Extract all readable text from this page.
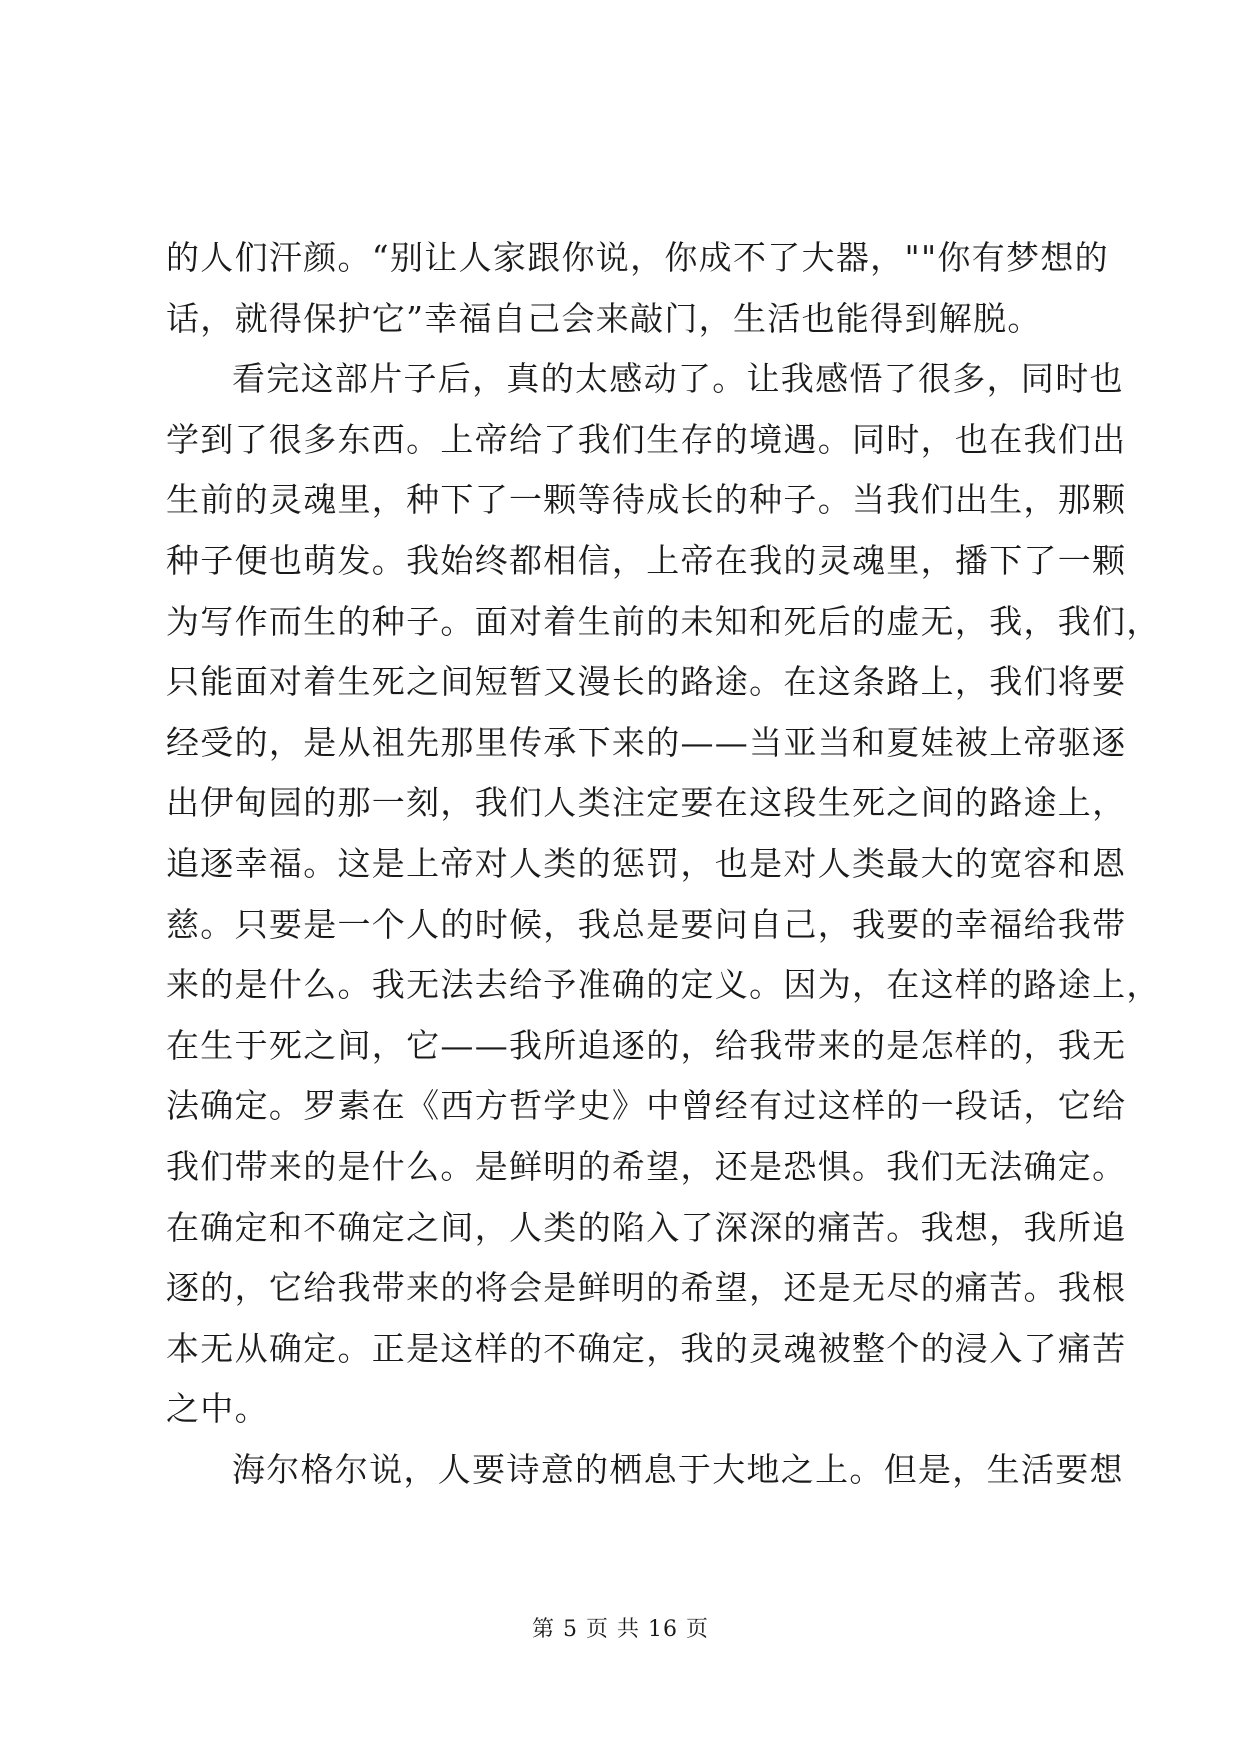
的人们汗颜。“别让人家跟你说，你成不了大器，""你有梦想的
话，就得保护它”幸福自己会来敲门，生活也能得到解脱。
看完这部片子后，真的太感动了。让我感悟了很多，同时也
学到了很多东西。上帝给了我们生存的境遇。同时，也在我们出
生前的灵魂里，种下了一颗等待成长的种子。当我们出生，那颗
种子便也萌发。我始终都相信，上帝在我的灵魂里，播下了一颗
为写作而生的种子。面对着生前的未知和死后的虚无，我，我们，
只能面对着生死之间短暂又漫长的路途。在这条路上，我们将要
经受的，是从祖先那里传承下来的——当亚当和夏娃被上帝驱逐
出伊甸园的那一刻，我们人类注定要在这段生死之间的路途上，
追逐幸福。这是上帝对人类的惩罚，也是对人类最大的宽容和恩
慈。只要是一个人的时候，我总是要问自己，我要的幸福给我带
来的是什么。我无法去给予准确的定义。因为，在这样的路途上，
在生于死之间，它——我所追逐的，给我带来的是怎样的，我无
法确定。罗素在《西方哲学史》中曾经有过这样的一段话，它给
我们带来的是什么。是鲜明的希望，还是恐惧。我们无法确定。
在确定和不确定之间，人类的陷入了深深的痛苦。我想，我所追
逐的，它给我带来的将会是鲜明的希望，还是无尽的痛苦。我根
本无从确定。正是这样的不确定，我的灵魂被整个的浸入了痛苦
之中。
海尔格尔说，人要诗意的栖息于大地之上。但是，生活要想
第 5 页 共 16 页
